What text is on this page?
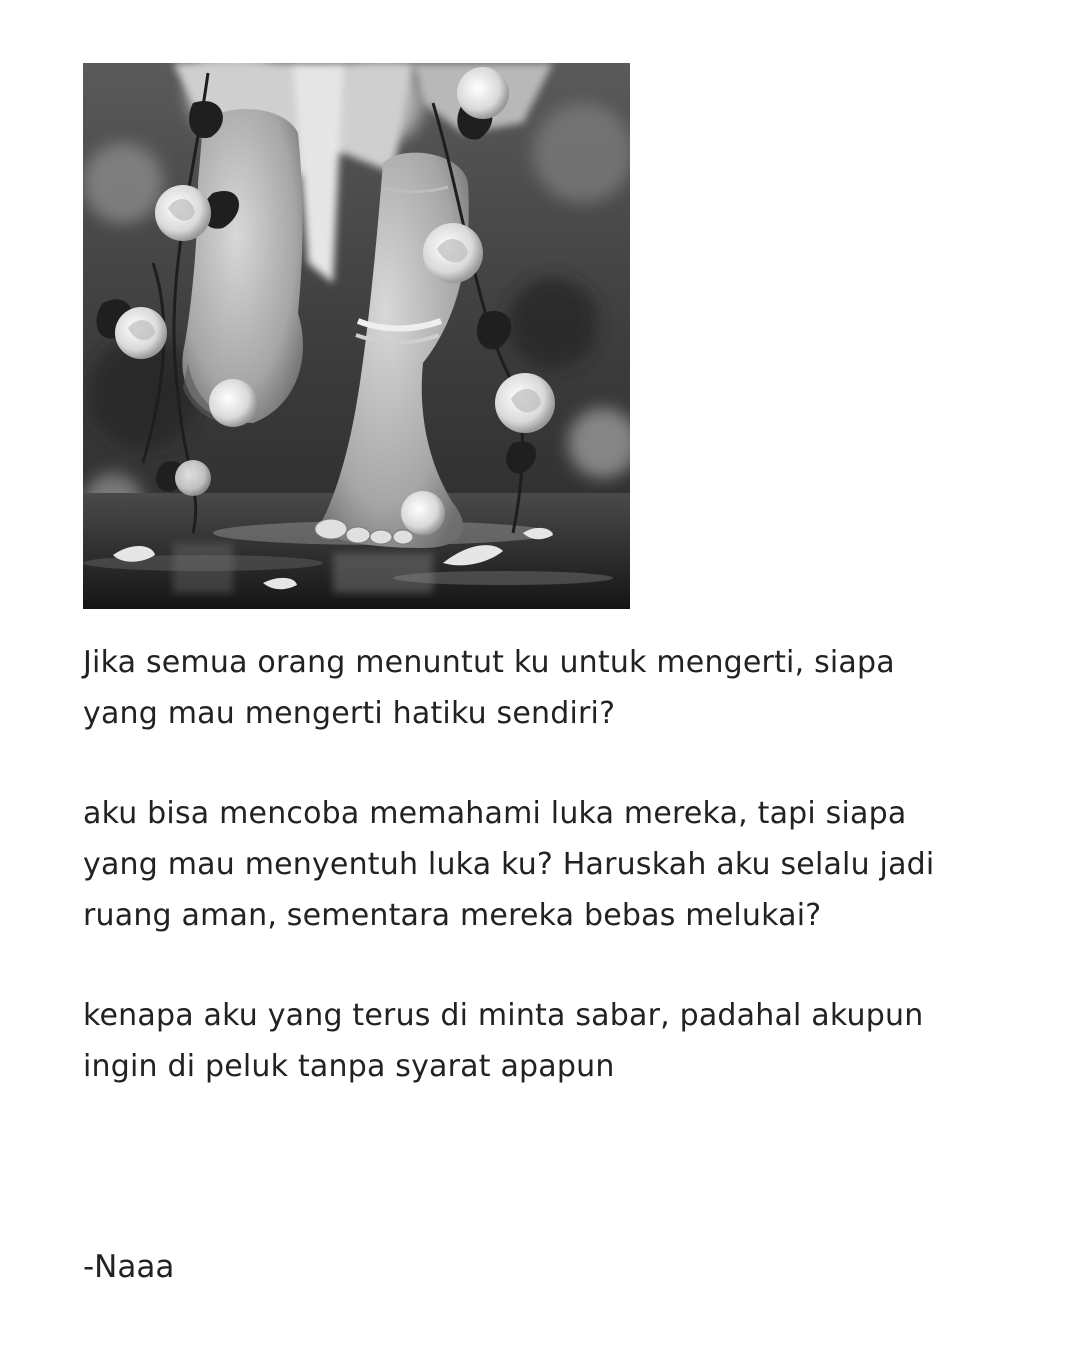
Jika semua orang menuntut ku untuk mengerti, siapa
yang mau mengerti hatiku sendiri?

aku bisa mencoba memahami luka mereka, tapi siapa
yang mau menyentuh luka ku? Haruskah aku selalu jadi
ruang aman, sementara mereka bebas melukai?

kenapa aku yang terus di minta sabar, padahal akupun
ingin di peluk tanpa syarat apapun

-Naaa
